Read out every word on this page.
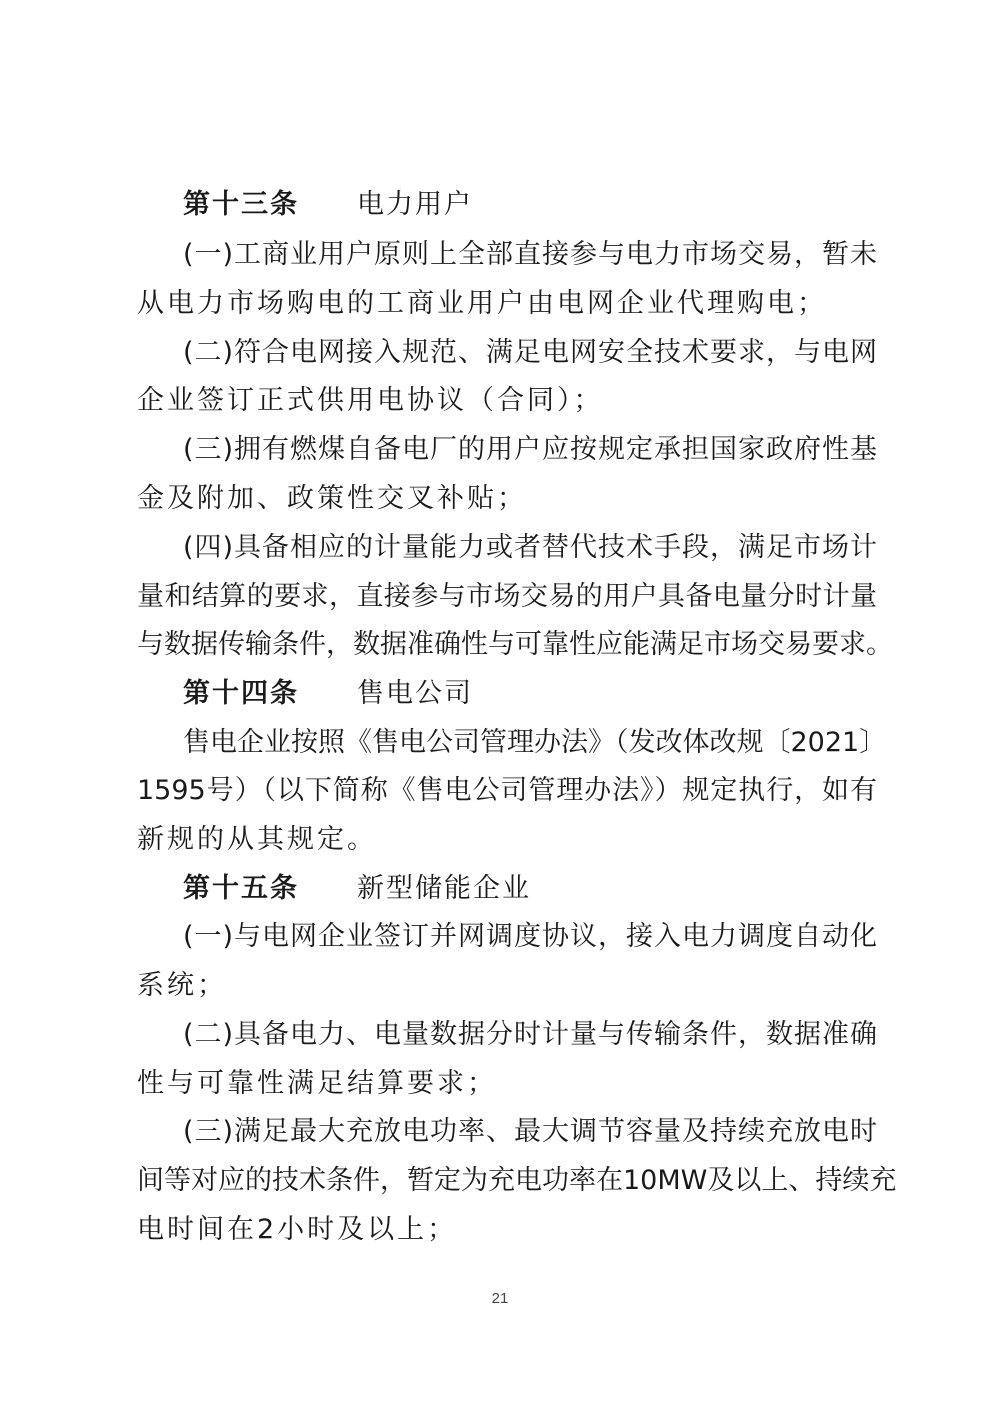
第十三条 电力用户
(一)工商业用户原则上全部直接参与电力市场交易，暂未
从电力市场购电的工商业用户由电网企业代理购电；
(二)符合电网接入规范、满足电网安全技术要求，与电网
企业签订正式供用电协议（合同）；
(三)拥有燃煤自备电厂的用户应按规定承担国家政府性基
金及附加、政策性交叉补贴；
(四)具备相应的计量能力或者替代技术手段，满足市场计
量和结算的要求，直接参与市场交易的用户具备电量分时计量
与数据传输条件，数据准确性与可靠性应能满足市场交易要求。
第十四条 售电公司
售电企业按照《售电公司管理办法》（发改体改规〔2021〕
1595号）（以下简称《售电公司管理办法》）规定执行，如有
新规的从其规定。
第十五条 新型储能企业
(一)与电网企业签订并网调度协议，接入电力调度自动化
系统；
(二)具备电力、电量数据分时计量与传输条件，数据准确
性与可靠性满足结算要求；
(三)满足最大充放电功率、最大调节容量及持续充放电时
间等对应的技术条件，暂定为充电功率在10MW及以上、持续充
电时间在2小时及以上；
21
